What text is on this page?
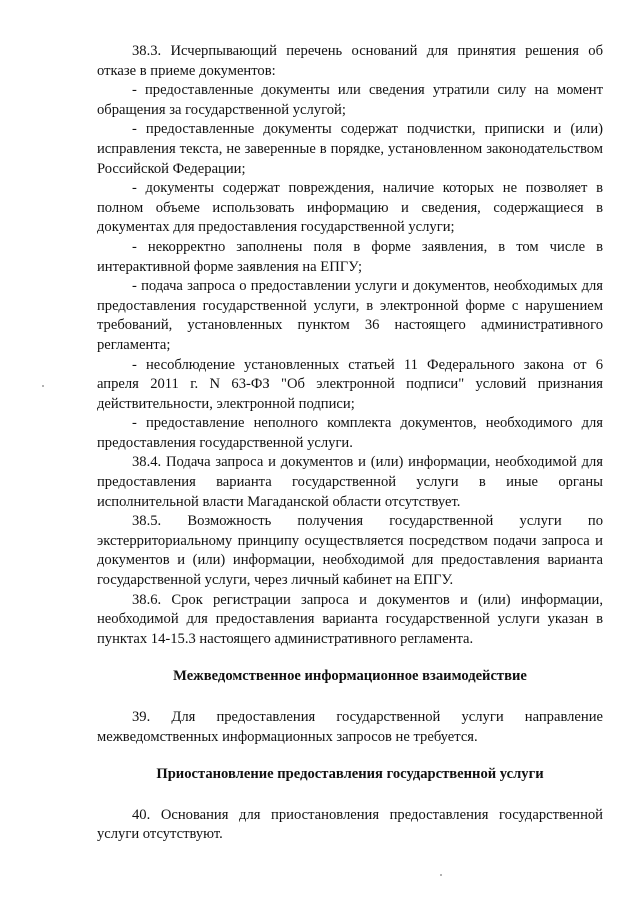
38.3. Исчерпывающий перечень оснований для принятия решения об отказе в приеме документов:

- предоставленные документы или сведения утратили силу на момент обращения за государственной услугой;

- предоставленные документы содержат подчистки, приписки и (или) исправления текста, не заверенные в порядке, установленном законодательством Российской Федерации;

- документы содержат повреждения, наличие которых не позволяет в полном объеме использовать информацию и сведения, содержащиеся в документах для предоставления государственной услуги;

- некорректно заполнены поля в форме заявления, в том числе в интерактивной форме заявления на ЕПГУ;

- подача запроса о предоставлении услуги и документов, необходимых для предоставления государственной услуги, в электронной форме с нарушением требований, установленных пунктом 36 настоящего административного регламента;

- несоблюдение установленных статьей 11 Федерального закона от 6 апреля 2011 г. N 63-ФЗ "Об электронной подписи" условий признания действительности, электронной подписи;

- предоставление неполного комплекта документов, необходимого для предоставления государственной услуги.

38.4. Подача запроса и документов и (или) информации, необходимой для предоставления варианта государственной услуги в иные органы исполнительной власти Магаданской области отсутствует.

38.5. Возможность получения государственной услуги по экстерриториальному принципу осуществляется посредством подачи запроса и документов и (или) информации, необходимой для предоставления варианта государственной услуги, через личный кабинет на ЕПГУ.

38.6. Срок регистрации запроса и документов и (или) информации, необходимой для предоставления варианта государственной услуги указан в пунктах 14-15.3 настоящего административного регламента.

Межведомственное информационное взаимодействие

39. Для предоставления государственной услуги направление межведомственных информационных запросов не требуется.

Приостановление предоставления государственной услуги

40. Основания для приостановления предоставления государственной услуги отсутствуют.
